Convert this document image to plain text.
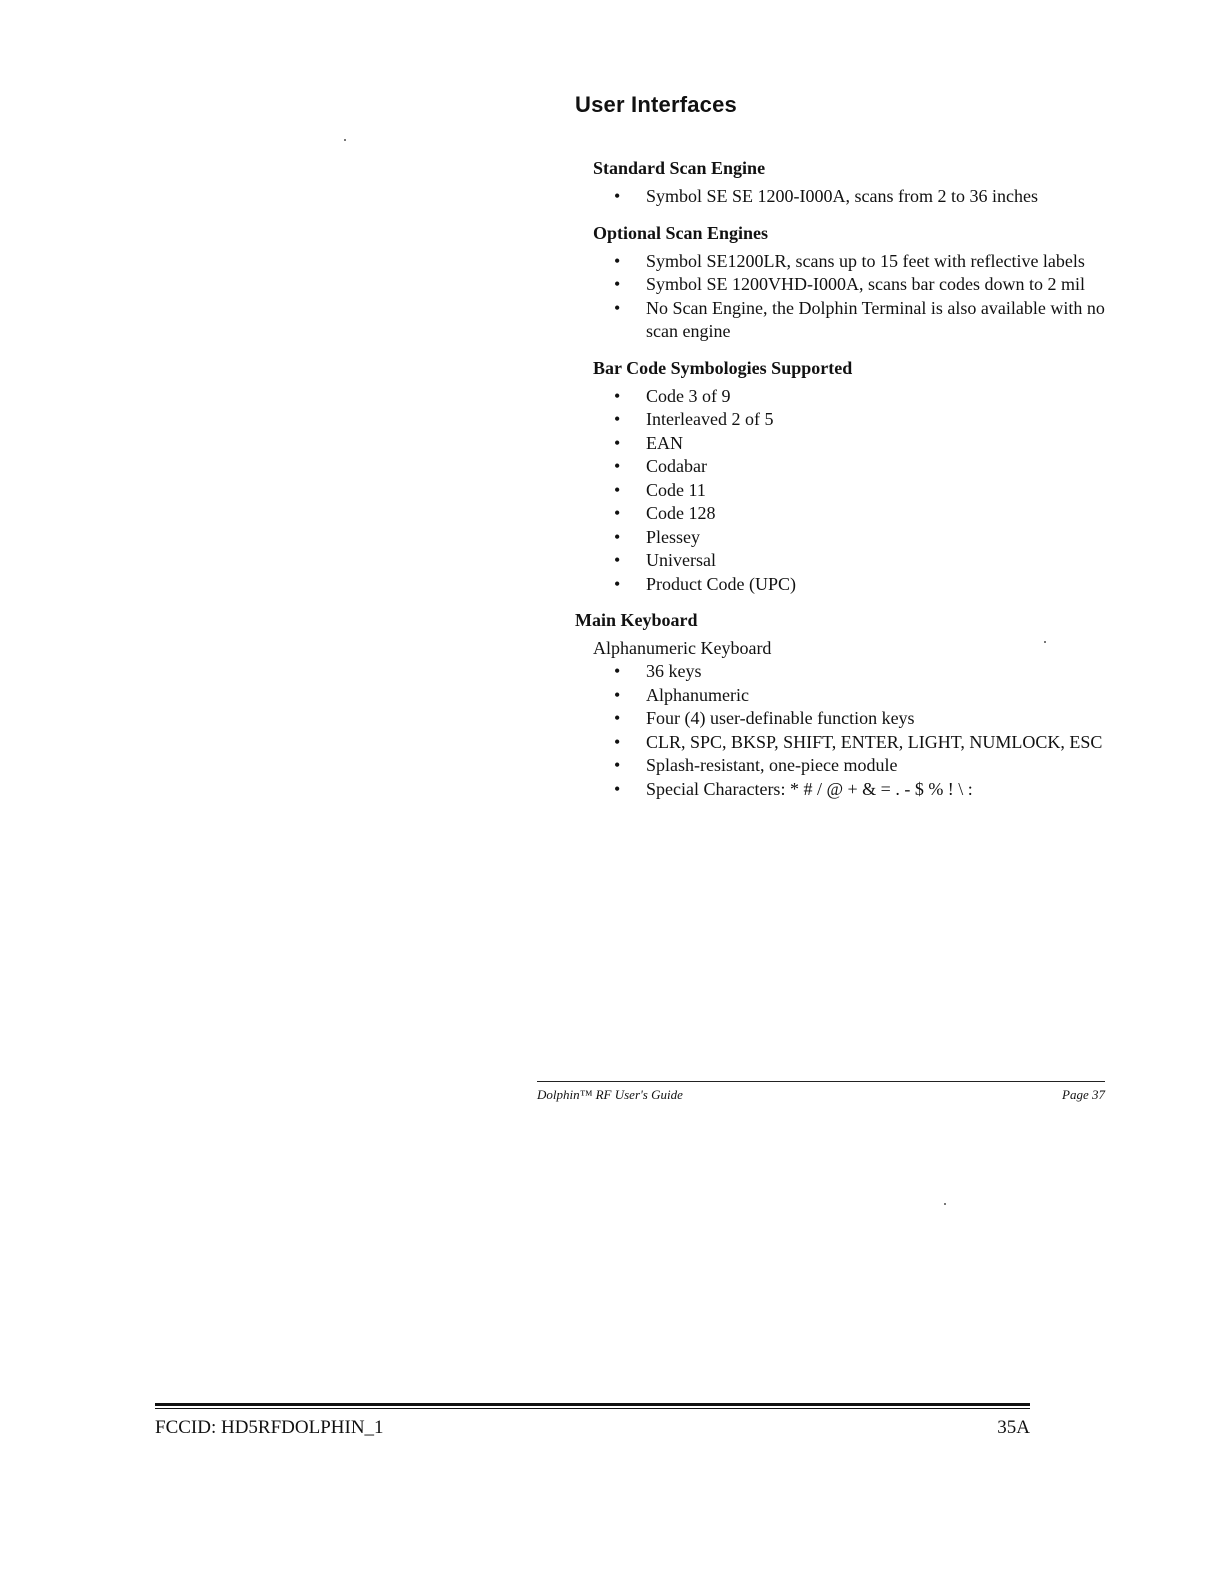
User Interfaces
Standard Scan Engine
• Symbol SE SE 1200-I000A, scans from 2 to 36 inches
Optional Scan Engines
• Symbol SE1200LR, scans up to 15 feet with reflective labels
• Symbol SE 1200VHD-I000A, scans bar codes down to 2 mil
• No Scan Engine, the Dolphin Terminal is also available with no scan engine
Bar Code Symbologies Supported
• Code 3 of 9
• Interleaved 2 of 5
• EAN
• Codabar
• Code 11
• Code 128
• Plessey
• Universal
• Product Code (UPC)
Main Keyboard
Alphanumeric Keyboard
• 36 keys
• Alphanumeric
• Four (4) user-definable function keys
• CLR, SPC, BKSP, SHIFT, ENTER, LIGHT, NUMLOCK, ESC
• Splash-resistant, one-piece module
• Special Characters: * # / @ + & = . - $ % ! \ :
Dolphin™ RF User's Guide	Page 37
FCCID: HD5RFDOLPHIN_1	35A
